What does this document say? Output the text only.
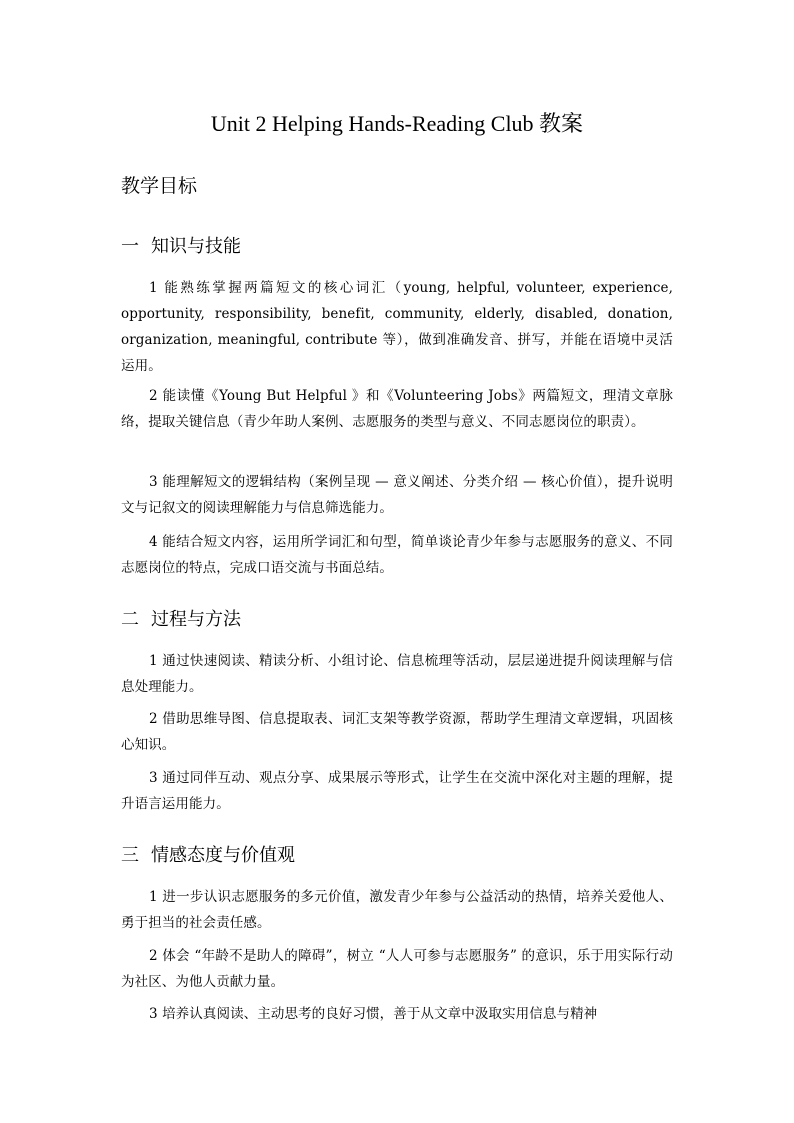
Unit 2 Helping Hands-Reading Club 教案
教学目标
一 知识与技能
1 能熟练掌握两篇短文的核心词汇（young, helpful, volunteer, experience, opportunity, responsibility, benefit, community, elderly, disabled, donation, organization, meaningful, contribute 等），做到准确发音、拼写，并能在语境中灵活运用。
2 能读懂《Young But Helpful 》和《Volunteering Jobs》两篇短文，理清文章脉络，提取关键信息（青少年助人案例、志愿服务的类型与意义、不同志愿岗位的职责）。
3 能理解短文的逻辑结构（案例呈现 — 意义阐述、分类介绍 — 核心价值），提升说明文与记叙文的阅读理解能力与信息筛选能力。
4 能结合短文内容，运用所学词汇和句型，简单谈论青少年参与志愿服务的意义、不同志愿岗位的特点，完成口语交流与书面总结。
二 过程与方法
1 通过快速阅读、精读分析、小组讨论、信息梳理等活动，层层递进提升阅读理解与信息处理能力。
2 借助思维导图、信息提取表、词汇支架等教学资源，帮助学生理清文章逻辑，巩固核心知识。
3 通过同伴互动、观点分享、成果展示等形式，让学生在交流中深化对主题的理解，提升语言运用能力。
三 情感态度与价值观
1 进一步认识志愿服务的多元价值，激发青少年参与公益活动的热情，培养关爱他人、勇于担当的社会责任感。
2 体会 “年龄不是助人的障碍”，树立 “人人可参与志愿服务” 的意识，乐于用实际行动为社区、为他人贡献力量。
3 培养认真阅读、主动思考的良好习惯，善于从文章中汲取实用信息与精神
